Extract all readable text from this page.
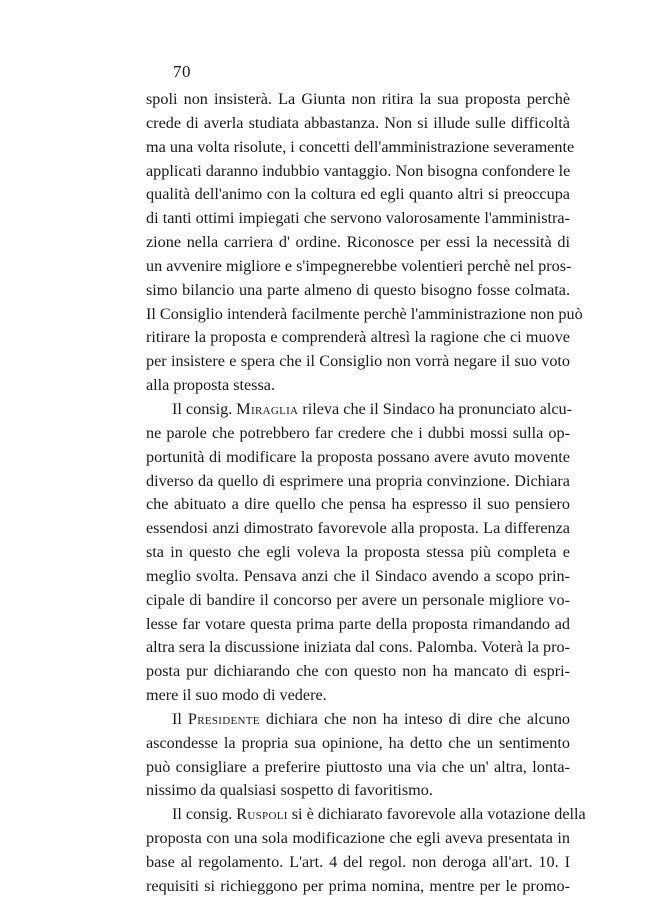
70
spoli non insisterà. La Giunta non ritira la sua proposta perchè
crede di averla studiata abbastanza. Non si illude sulle difficoltà
ma una volta risolute, i concetti dell'amministrazione severamente
applicati daranno indubbio vantaggio. Non bisogna confondere le
qualità dell'animo con la coltura ed egli quanto altri si preoccupa
di tanti ottimi impiegati che servono valorosamente l'amministra-
zione nella carriera d' ordine. Riconosce per essi la necessità di
un avvenire migliore e s'impegnerebbe volentieri perchè nel pros-
simo bilancio una parte almeno di questo bisogno fosse colmata.
Il Consiglio intenderà facilmente perchè l'amministrazione non può
ritirare la proposta e comprenderà altresì la ragione che ci muove
per insistere e spera che il Consiglio non vorrà negare il suo voto
alla proposta stessa.
Il consig. Miraglia rileva che il Sindaco ha pronunciato alcu-
ne parole che potrebbero far credere che i dubbi mossi sulla op-
portunità di modificare la proposta possano avere avuto movente
diverso da quello di esprimere una propria convinzione. Dichiara
che abituato a dire quello che pensa ha espresso il suo pensiero
essendosi anzi dimostrato favorevole alla proposta. La differenza
sta in questo che egli voleva la proposta stessa più completa e
meglio svolta. Pensava anzi che il Sindaco avendo a scopo prin-
cipale di bandire il concorso per avere un personale migliore vo-
lesse far votare questa prima parte della proposta rimandando ad
altra sera la discussione iniziata dal cons. Palomba. Voterà la pro-
posta pur dichiarando che con questo non ha mancato di espri-
mere il suo modo di vedere.
Il Presidente dichiara che non ha inteso di dire che alcuno
ascondesse la propria sua opinione, ha detto che un sentimento
può consigliare a preferire piuttosto una via che un' altra, lonta-
nissimo da qualsiasi sospetto di favoritismo.
Il consig. Ruspoli si è dichiarato favorevole alla votazione della
proposta con una sola modificazione che egli aveva presentata in
base al regolamento. L'art. 4 del regol. non deroga all'art. 10. I
requisiti si richieggono per prima nomina, mentre per le promo-
